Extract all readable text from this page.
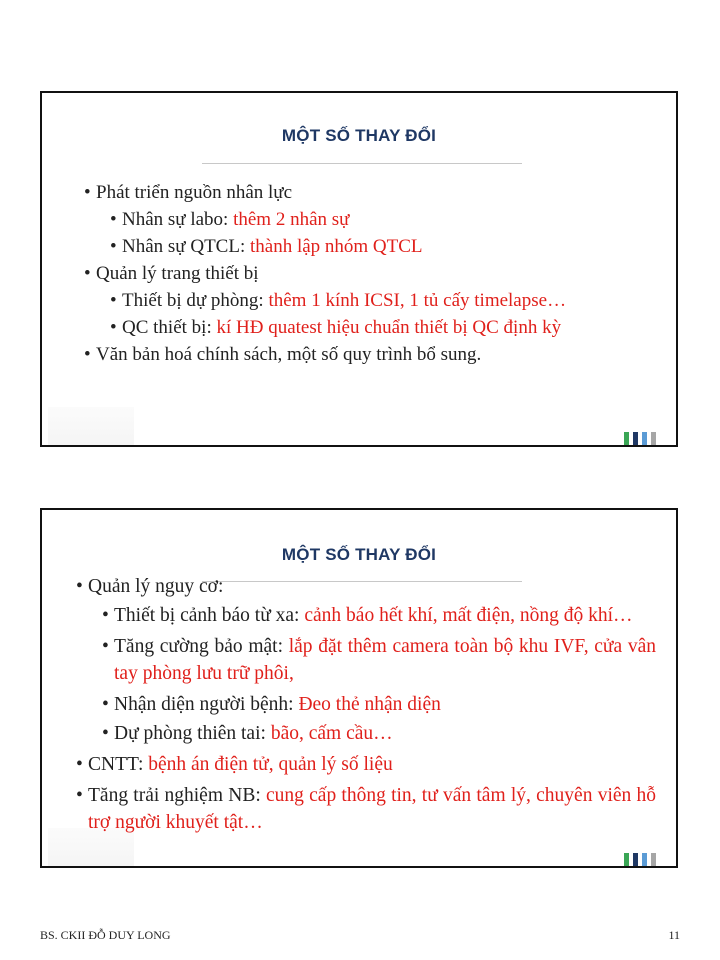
MỘT SỐ THAY ĐỔI
• Phát triển nguồn nhân lực
• Nhân sự labo: thêm 2 nhân sự
• Nhân sự QTCL: thành lập nhóm QTCL
• Quản lý trang thiết bị
• Thiết bị dự phòng: thêm 1 kính ICSI, 1 tủ cấy timelapse…
• QC thiết bị: kí HĐ quatest hiệu chuẩn thiết bị QC định kỳ
• Văn bản hoá chính sách, một số quy trình bổ sung.
MỘT SỐ THAY ĐỔI
• Quản lý nguy cơ:
• Thiết bị cảnh báo từ xa: cảnh báo hết khí, mất điện, nồng độ khí…
• Tăng cường bảo mật: lắp đặt thêm camera toàn bộ khu IVF, cửa vân tay phòng lưu trữ phôi,
• Nhận diện người bệnh: Đeo thẻ nhận diện
• Dự phòng thiên tai: bão, cấm cầu…
• CNTT: bệnh án điện tử, quản lý số liệu
• Tăng trải nghiệm NB: cung cấp thông tin, tư vấn tâm lý, chuyên viên hỗ trợ người khuyết tật…
BS. CKII ĐỖ DUY LONG	11
